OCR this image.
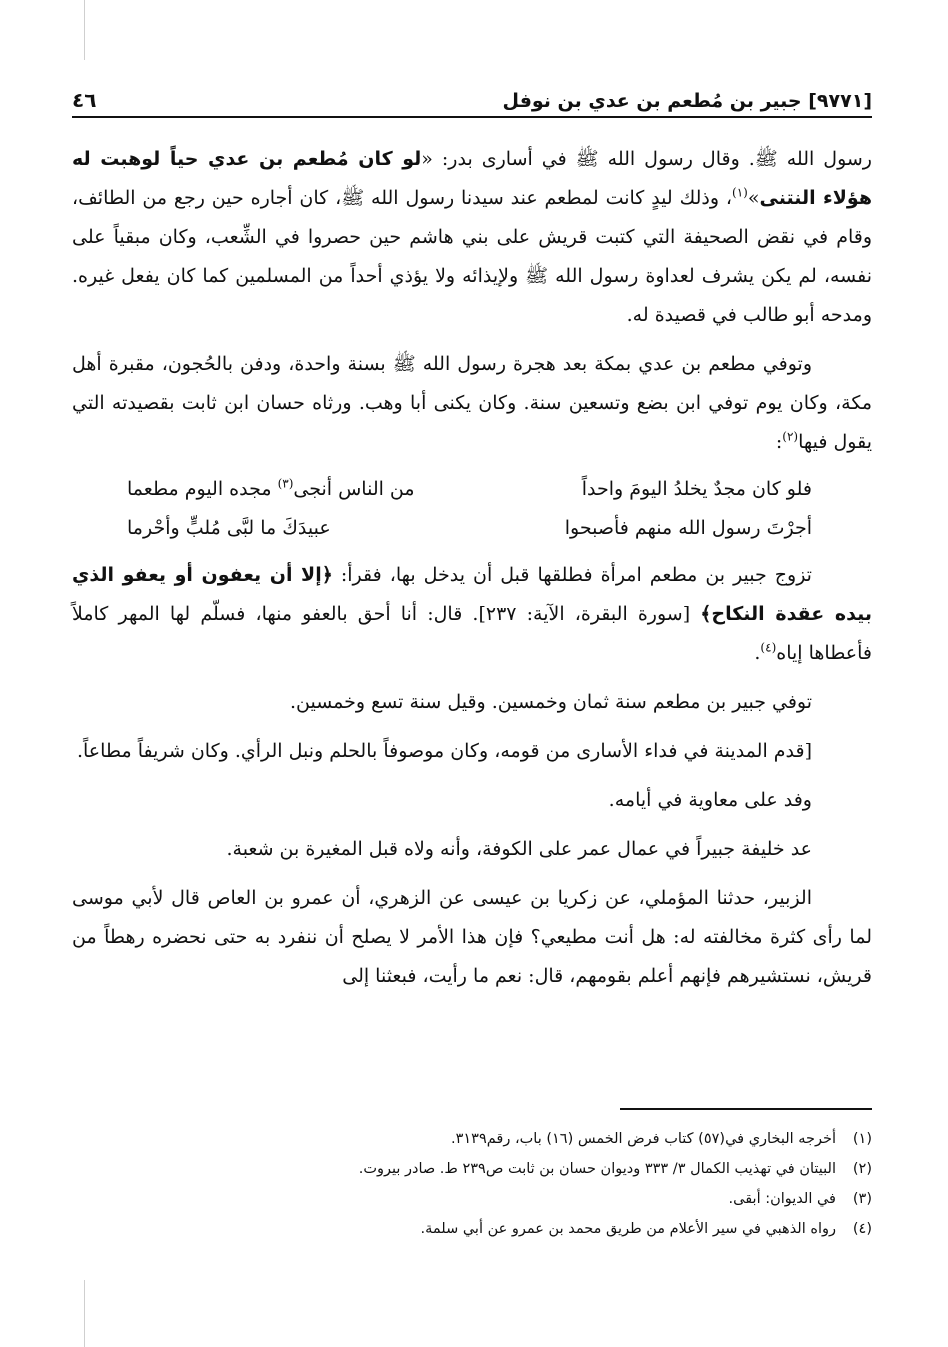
[٩٧٧١] جبير بن مُطعم بن عدي بن نوفل
٤٦

رسول الله ﷺ. وقال رسول الله ﷺ في أسارى بدر: «لو كان مُطعم بن عدي حياً لوهبت له هؤلاء النتنى»$^{(١)}$، وذلك ليدٍ كانت لمطعم عند سيدنا رسول الله ﷺ، كان أجاره حين رجع من الطائف، وقام في نقض الصحيفة التي كتبت قريش على بني هاشم حين حصروا في الشِّعب، وكان مبقياً على نفسه، لم يكن يشرف لعداوة رسول الله ﷺ ولإيذائه ولا يؤذي أحداً من المسلمين كما كان يفعل غيره. ومدحه أبو طالب في قصيدة له.

وتوفي مطعم بن عدي بمكة بعد هجرة رسول الله ﷺ بسنة واحدة، ودفن بالحُجون، مقبرة أهل مكة، وكان يوم توفي ابن بضع وتسعين سنة. وكان يكنى أبا وهب. ورثاه حسان ابن ثابت بقصيدته التي يقول فيها$^{(٢)}$:

فلو كان مجدٌ يخلدُ اليومَ واحداً
من الناس أنجى$^{(٣)}$ مجده اليوم مطعما
أجرْتَ رسول الله منهم فأصبحوا
عبيدَكَ ما لبَّى مُلبٍّ وأحْرما

تزوج جبير بن مطعم امرأة فطلقها قبل أن يدخل بها، فقرأ: ﴿إلا أن يعفون أو يعفو الذي بيده عقدة النكاح﴾ [سورة البقرة، الآية: ٢٣٧]. قال: أنا أحق بالعفو منها، فسلّم لها المهر كاملاً فأعطاها إياه$^{(٤)}$.

توفي جبير بن مطعم سنة ثمان وخمسين. وقيل سنة تسع وخمسين.

[قدم المدينة في فداء الأسارى من قومه، وكان موصوفاً بالحلم ونبل الرأي. وكان شريفاً مطاعاً.

وفد على معاوية في أيامه.

عد خليفة جبيراً في عمال عمر على الكوفة، وأنه ولاه قبل المغيرة بن شعبة.

الزبير، حدثنا المؤملي، عن زكريا بن عيسى عن الزهري، أن عمرو بن العاص قال لأبي موسى لما رأى كثرة مخالفته له: هل أنت مطيعي؟ فإن هذا الأمر لا يصلح أن ننفرد به حتى نحضره رهطاً من قريش، نستشيرهم فإنهم أعلم بقومهم، قال: نعم ما رأيت، فبعثنا إلى

(١)
أخرجه البخاري في(٥٧) كتاب فرض الخمس (١٦) باب، رقم٣١٣٩.
(٢)
البيتان في تهذيب الكمال ٣/ ٣٣٣ وديوان حسان بن ثابت ص٢٣٩ ط. صادر بيروت.
(٣)
في الديوان: أبقى.
(٤)
رواه الذهبي في سير الأعلام من طريق محمد بن عمرو عن أبي سلمة.
